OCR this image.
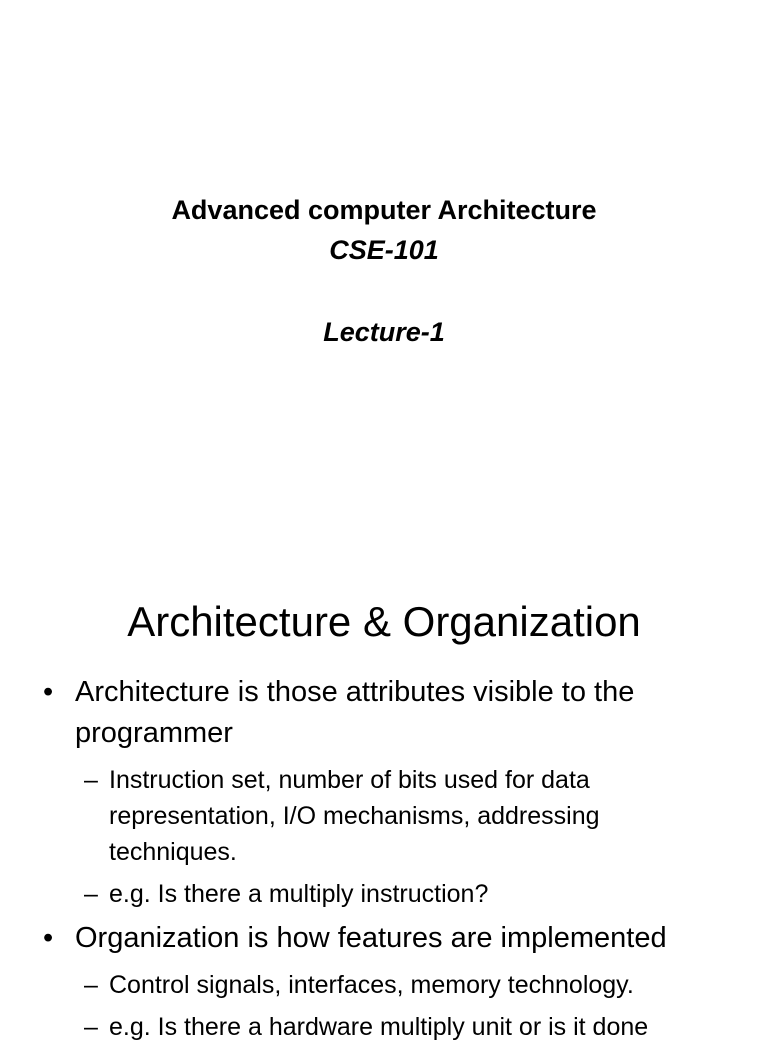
Advanced computer Architecture
CSE-101
Lecture-1
Architecture & Organization
• Architecture is those attributes visible to the programmer
– Instruction set, number of bits used for data representation, I/O mechanisms, addressing techniques.
– e.g. Is there a multiply instruction?
• Organization is how features are implemented
– Control signals, interfaces, memory technology.
– e.g. Is there a hardware multiply unit or is it done
